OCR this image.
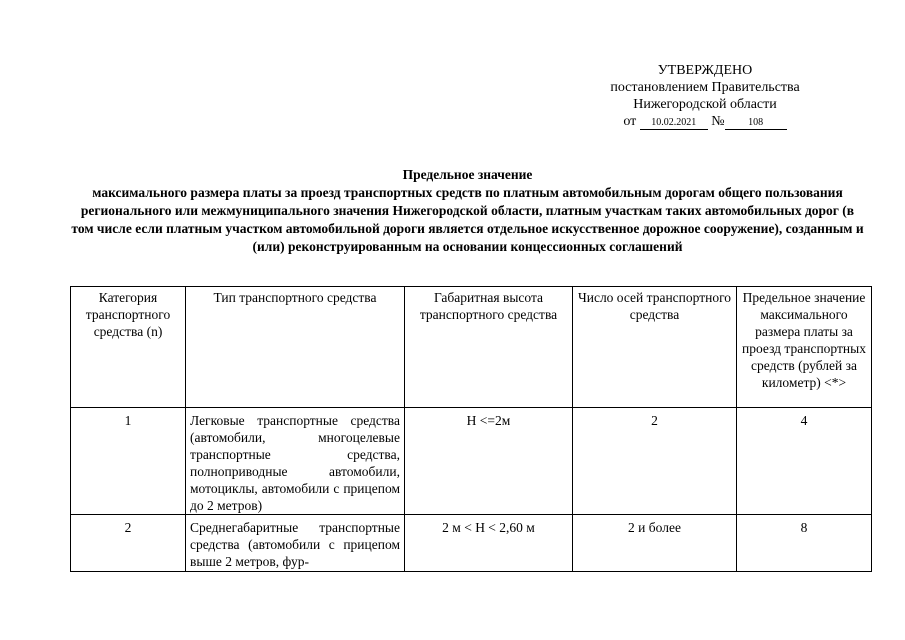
УТВЕРЖДЕНО
постановлением Правительства
Нижегородской области
от 10.02.2021 № 108
Предельное значение
максимального размера платы за проезд транспортных средств по платным автомобильным дорогам общего пользования регионального или межмуниципального значения Нижегородской области, платным участкам таких автомобильных дорог (в том числе если платным участком автомобильной дороги является отдельное искусственное дорожное сооружение), созданным и (или) реконструированным на основании концессионных соглашений
Категория транспортного средства (n)	Тип транспортного средства	Габаритная высота транспортного средства	Число осей транспортного средства	Предельное значение максимального размера платы за проезд транспортных средств (рублей за километр) <*>
1	Легковые транспортные средства (автомобили, многоцелевые транспортные средства, полноприводные автомобили, мотоциклы, автомобили с прицепом до 2 метров)	H <=2м	2	4
2	Среднегабаритные транспортные средства (автомобили с прицепом выше 2 метров, фур-	2 м < H < 2,60 м	2 и более	8
